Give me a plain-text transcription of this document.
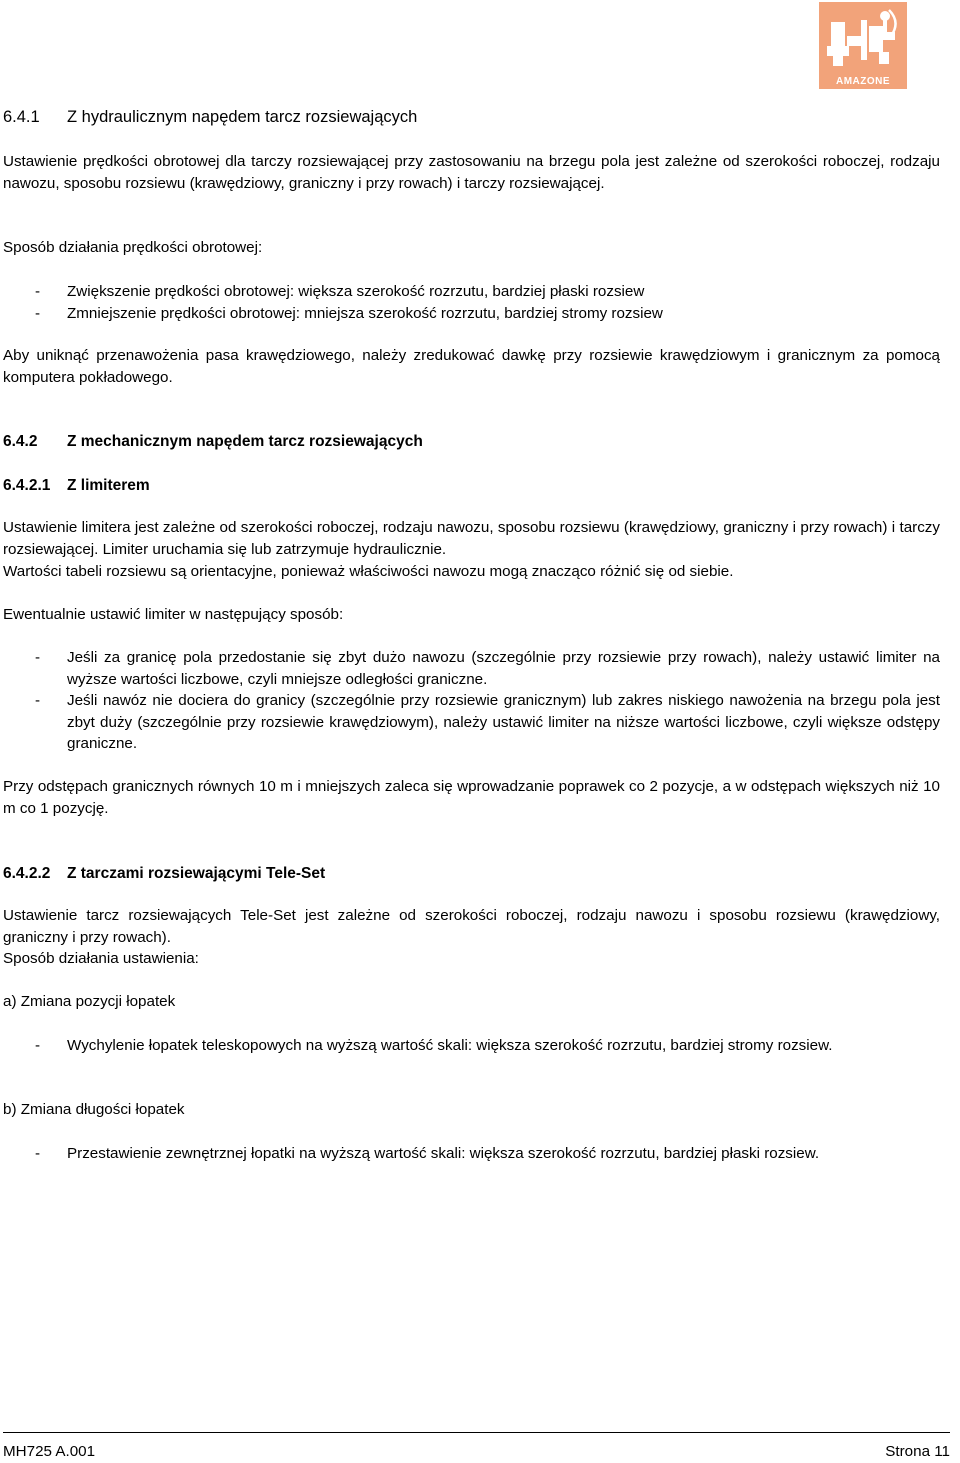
AMAZONE
6.4.1 Z hydraulicznym napędem tarcz rozsiewających

Ustawienie prędkości obrotowej dla tarczy rozsiewającej przy zastosowaniu na brzegu pola jest zależne od szerokości roboczej, rodzaju nawozu, sposobu rozsiewu (krawędziowy, graniczny i przy rowach) i tarczy rozsiewającej.

Sposób działania prędkości obrotowej:

- Zwiększenie prędkości obrotowej: większa szerokość rozrzutu, bardziej płaski rozsiew
- Zmniejszenie prędkości obrotowej: mniejsza szerokość rozrzutu, bardziej stromy rozsiew

Aby uniknąć przenawożenia pasa krawędziowego, należy zredukować dawkę przy rozsiewie krawędziowym i granicznym za pomocą komputera pokładowego.

6.4.2 Z mechanicznym napędem tarcz rozsiewających
6.4.2.1 Z limiterem

Ustawienie limitera jest zależne od szerokości roboczej, rodzaju nawozu, sposobu rozsiewu (krawędziowy, graniczny i przy rowach) i tarczy rozsiewającej. Limiter uruchamia się lub zatrzymuje hydraulicznie.

Wartości tabeli rozsiewu są orientacyjne, ponieważ właściwości nawozu mogą znacząco różnić się od siebie.

Ewentualnie ustawić limiter w następujący sposób:

- Jeśli za granicę pola przedostanie się zbyt dużo nawozu (szczególnie przy rozsiewie przy rowach), należy ustawić limiter na wyższe wartości liczbowe, czyli mniejsze odległości graniczne.
- Jeśli nawóz nie dociera do granicy (szczególnie przy rozsiewie granicznym) lub zakres niskiego nawożenia na brzegu pola jest zbyt duży (szczególnie przy rozsiewie krawędziowym), należy ustawić limiter na niższe wartości liczbowe, czyli większe odstępy graniczne.

Przy odstępach granicznych równych 10 m i mniejszych zaleca się wprowadzanie poprawek co 2 pozycje, a w odstępach większych niż 10 m co 1 pozycję.

6.4.2.2 Z tarczami rozsiewającymi Tele-Set

Ustawienie tarcz rozsiewających Tele-Set jest zależne od szerokości roboczej, rodzaju nawozu i sposobu rozsiewu (krawędziowy, graniczny i przy rowach).

Sposób działania ustawienia:

a) Zmiana pozycji łopatek

- Wychylenie łopatek teleskopowych na wyższą wartość skali: większa szerokość rozrzutu, bardziej stromy rozsiew.

b) Zmiana długości łopatek

- Przestawienie zewnętrznej łopatki na wyższą wartość skali: większa szerokość rozrzutu, bardziej płaski rozsiew.
MH725 A.001	Strona 11
